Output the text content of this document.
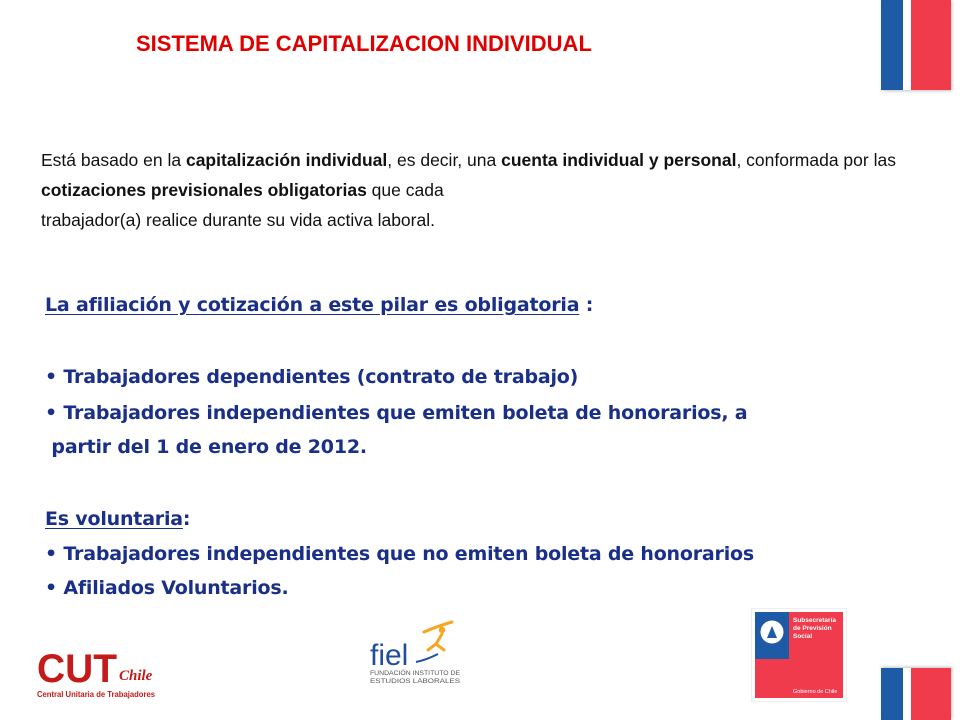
SISTEMA DE CAPITALIZACION INDIVIDUAL

Está basado en la capitalización individual, es decir, una cuenta individual y personal, conformada por las cotizaciones previsionales obligatorias que cada
trabajador(a) realice durante su vida activa laboral.

La afiliación y cotización a este pilar es obligatoria :
• Trabajadores dependientes (contrato de trabajo)
• Trabajadores independientes que emiten boleta de honorarios, a
partir del 1 de enero de 2012.
Es voluntaria:
• Trabajadores independientes que no emiten boleta de honorarios
• Afiliados Voluntarios.
CUT Chile
Central Unitaria de Trabajadores
fiel
FUNDACIÓN INSTITUTO DE
ESTUDIOS LABORALES
Subsecretaría
de Previsión
Social
Gobierno de Chile
